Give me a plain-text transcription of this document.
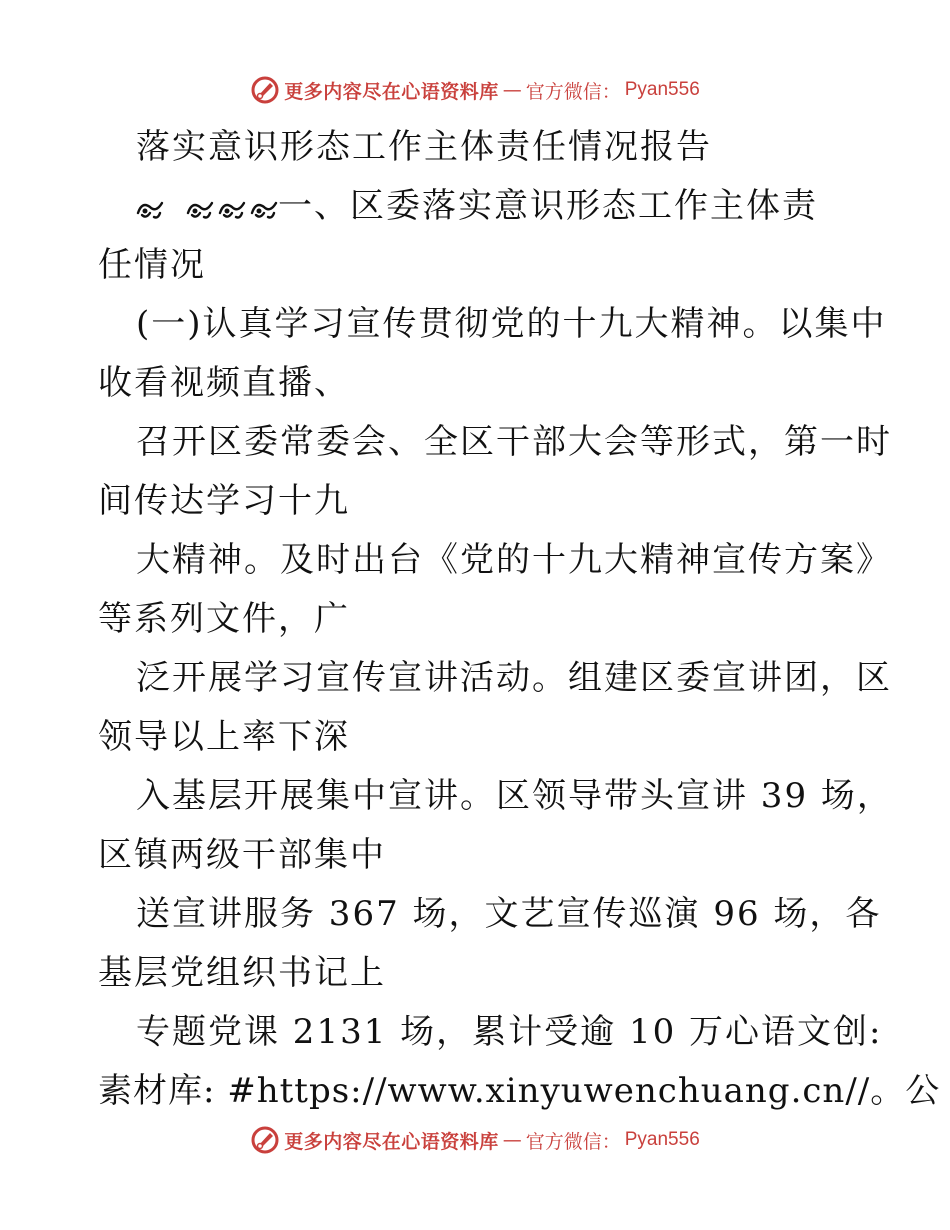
更多内容尽在心语资料库 — 官方微信： Pyan556
落实意识形态工作主体责任情况报告
一、区委落实意识形态工作主体责
任情况
(一)认真学习宣传贯彻党的十九大精神。以集中
收看视频直播、
召开区委常委会、全区干部大会等形式，第一时
间传达学习十九
大精神。及时出台《党的十九大精神宣传方案》
等系列文件，广
泛开展学习宣传宣讲活动。组建区委宣讲团，区
领导以上率下深
入基层开展集中宣讲。区领导带头宣讲 39 场，
区镇两级干部集中
送宣讲服务 367 场，文艺宣传巡演 96 场，各
基层党组织书记上
专题党课 2131 场，累计受逾 10 万心语文创:
素材库: #https://www.xinyuwenchuang.cn//。公
更多内容尽在心语资料库 — 官方微信： Pyan556
